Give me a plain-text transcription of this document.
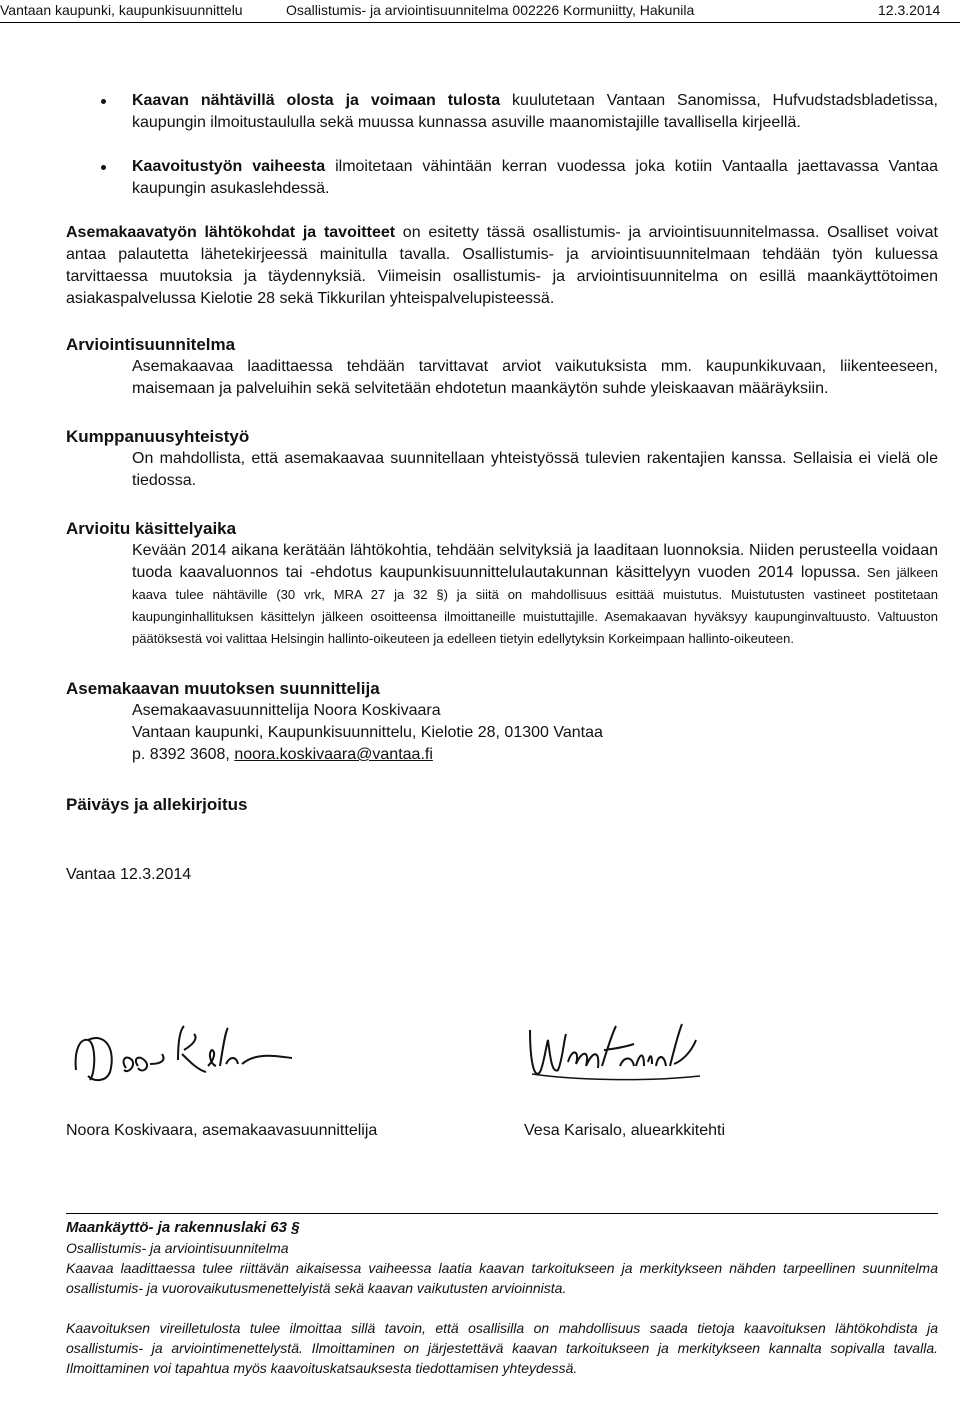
Vantaan kaupunki, kaupunkisuunnittelu	Osallistumis- ja arviointisuunnitelma 002226 Kormuniitty, Hakunila	12.3.2014
Kaavan nähtävillä olosta ja voimaan tulosta kuulutetaan Vantaan Sanomissa, Hufvudstadsbladetissa, kaupungin ilmoitustaululla sekä muussa kunnassa asuville maanomistajille tavallisella kirjeellä.
Kaavoitustyön vaiheesta ilmoitetaan vähintään kerran vuodessa joka kotiin Vantaalla jaettavassa Vantaa kaupungin asukaslehdessä.

Asemakaavatyön lähtökohdat ja tavoitteet on esitetty tässä osallistumis- ja arviointisuunnitelmassa. Osalliset voivat antaa palautetta lähetekirjeessä mainitulla tavalla. Osallistumis- ja arviointisuunnitelmaan tehdään työn kuluessa tarvittaessa muutoksia ja täydennyksiä. Viimeisin osallistumis- ja arviointisuunnitelma on esillä maankäyttötoimen asiakaspalvelussa Kielotie 28 sekä Tikkurilan yhteispalvelupisteessä.

Arviointisuunnitelma

Asemakaavaa laadittaessa tehdään tarvittavat arviot vaikutuksista mm. kaupunkikuvaan, liikenteeseen, maisemaan ja palveluihin sekä selvitetään ehdotetun maankäytön suhde yleiskaavan määräyksiin.

Kumppanuusyhteistyö

On mahdollista, että asemakaavaa suunnitellaan yhteistyössä tulevien rakentajien kanssa. Sellaisia ei vielä ole tiedossa.

Arvioitu käsittelyaika

Kevään 2014 aikana kerätään lähtökohtia, tehdään selvityksiä ja laaditaan luonnoksia. Niiden perusteella voidaan tuoda kaavaluonnos tai -ehdotus kaupunkisuunnittelulautakunnan käsittelyyn vuoden 2014 lopussa. Sen jälkeen kaava tulee nähtäville (30 vrk, MRA 27 ja 32 §) ja siitä on mahdollisuus esittää muistutus. Muistutusten vastineet postitetaan kaupunginhallituksen käsittelyn jälkeen osoitteensa ilmoittaneille muistuttajille. Asemakaavan hyväksyy kaupunginvaltuusto. Valtuuston päätöksestä voi valittaa Helsingin hallinto-oikeuteen ja edelleen tietyin edellytyksin Korkeimpaan hallinto-oikeuteen.

Asemakaavan muutoksen suunnittelija
Asemakaavasuunnittelija Noora Koskivaara
Vantaan kaupunki, Kaupunkisuunnittelu, Kielotie 28, 01300 Vantaa
p. 8392 3608, noora.koskivaara@vantaa.fi
Päiväys ja allekirjoitus
Vantaa 12.3.2014
Noora Koskivaara, asemakaavasuunnittelija	Vesa Karisalo, aluearkkitehti
Maankäyttö- ja rakennuslaki 63 §
Osallistumis- ja arviointisuunnitelma

Kaavaa laadittaessa tulee riittävän aikaisessa vaiheessa laatia kaavan tarkoitukseen ja merkitykseen nähden tarpeellinen suunnitelma osallistumis- ja vuorovaikutusmenettelyistä sekä kaavan vaikutusten arvioinnista.

Kaavoituksen vireilletulosta tulee ilmoittaa sillä tavoin, että osallisilla on mahdollisuus saada tietoja kaavoituksen lähtökohdista ja osallistumis- ja arviointimenettelystä. Ilmoittaminen on järjestettävä kaavan tarkoitukseen ja merkitykseen kannalta sopivalla tavalla. Ilmoittaminen voi tapahtua myös kaavoituskatsauksesta tiedottamisen yhteydessä.
